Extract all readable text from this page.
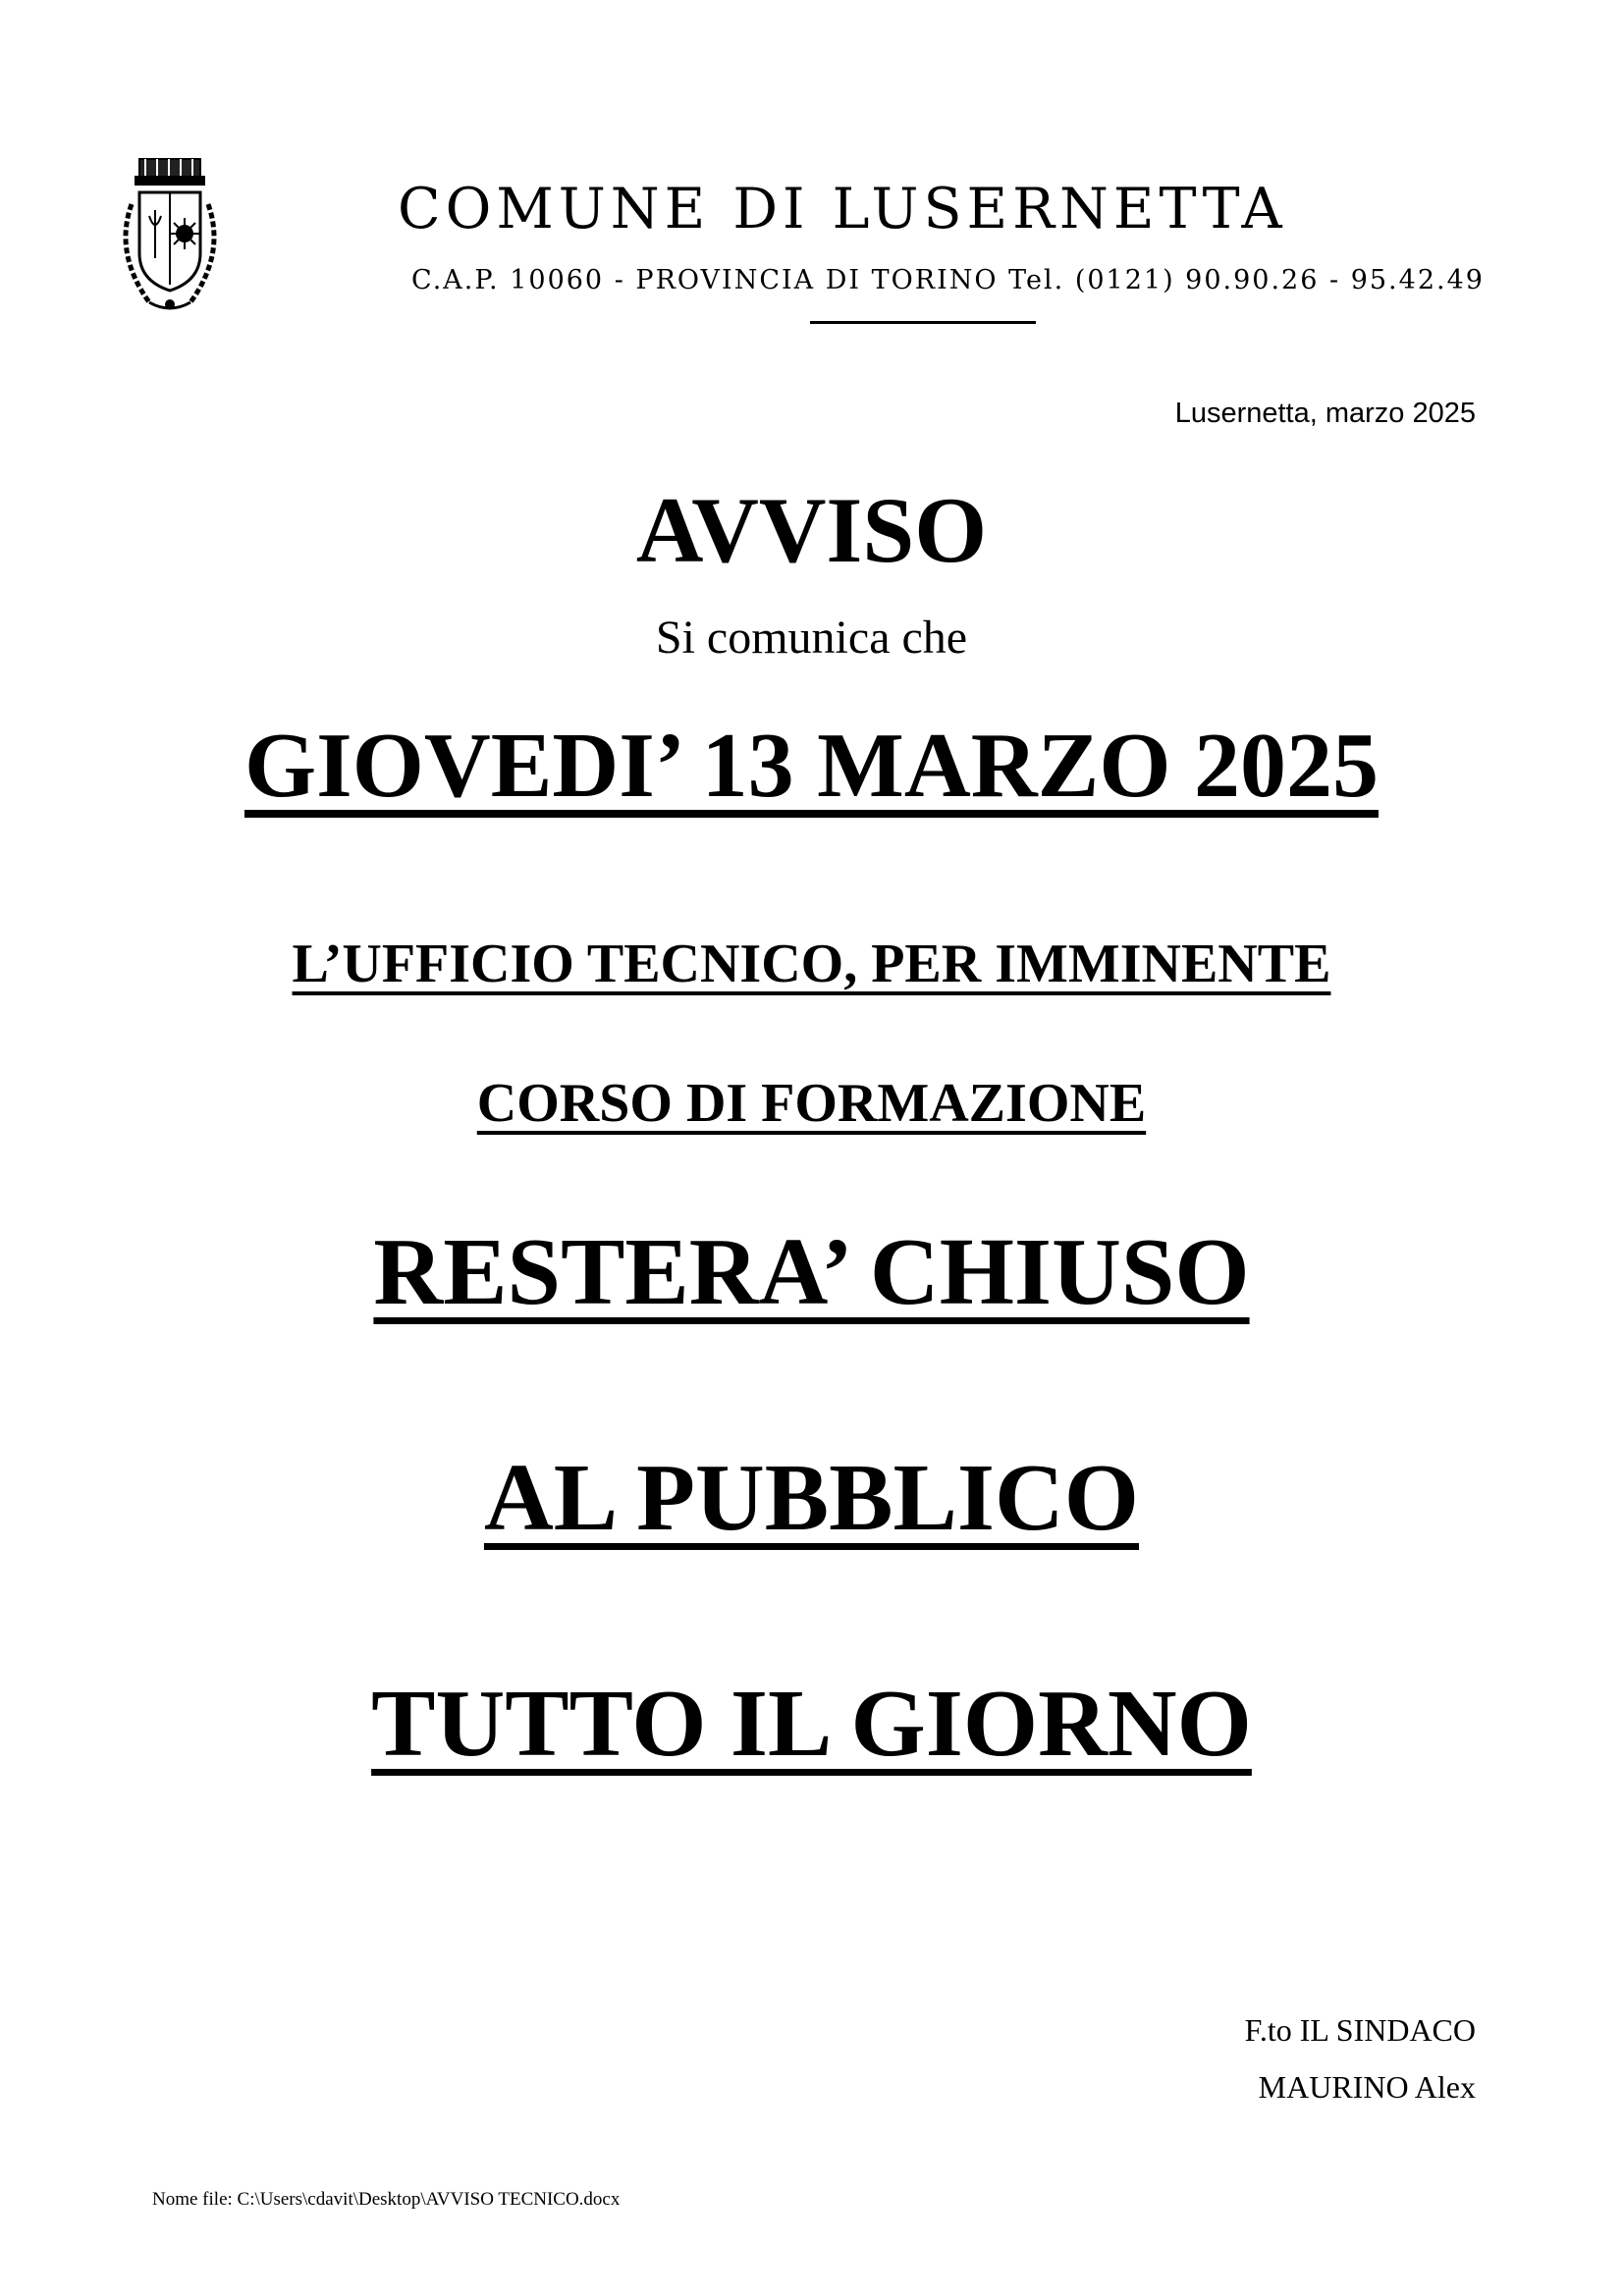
COMUNE DI LUSERNETTA
C.A.P. 10060 - PROVINCIA DI TORINO Tel. (0121) 90.90.26 - 95.42.49
Lusernetta, marzo 2025
AVVISO
Si comunica che
GIOVEDI’ 13 MARZO 2025
L’UFFICIO TECNICO, PER IMMINENTE
CORSO DI FORMAZIONE
RESTERA’ CHIUSO
AL PUBBLICO
TUTTO IL GIORNO
F.to IL SINDACO
MAURINO Alex
Nome file: C:\Users\cdavit\Desktop\AVVISO TECNICO.docx
